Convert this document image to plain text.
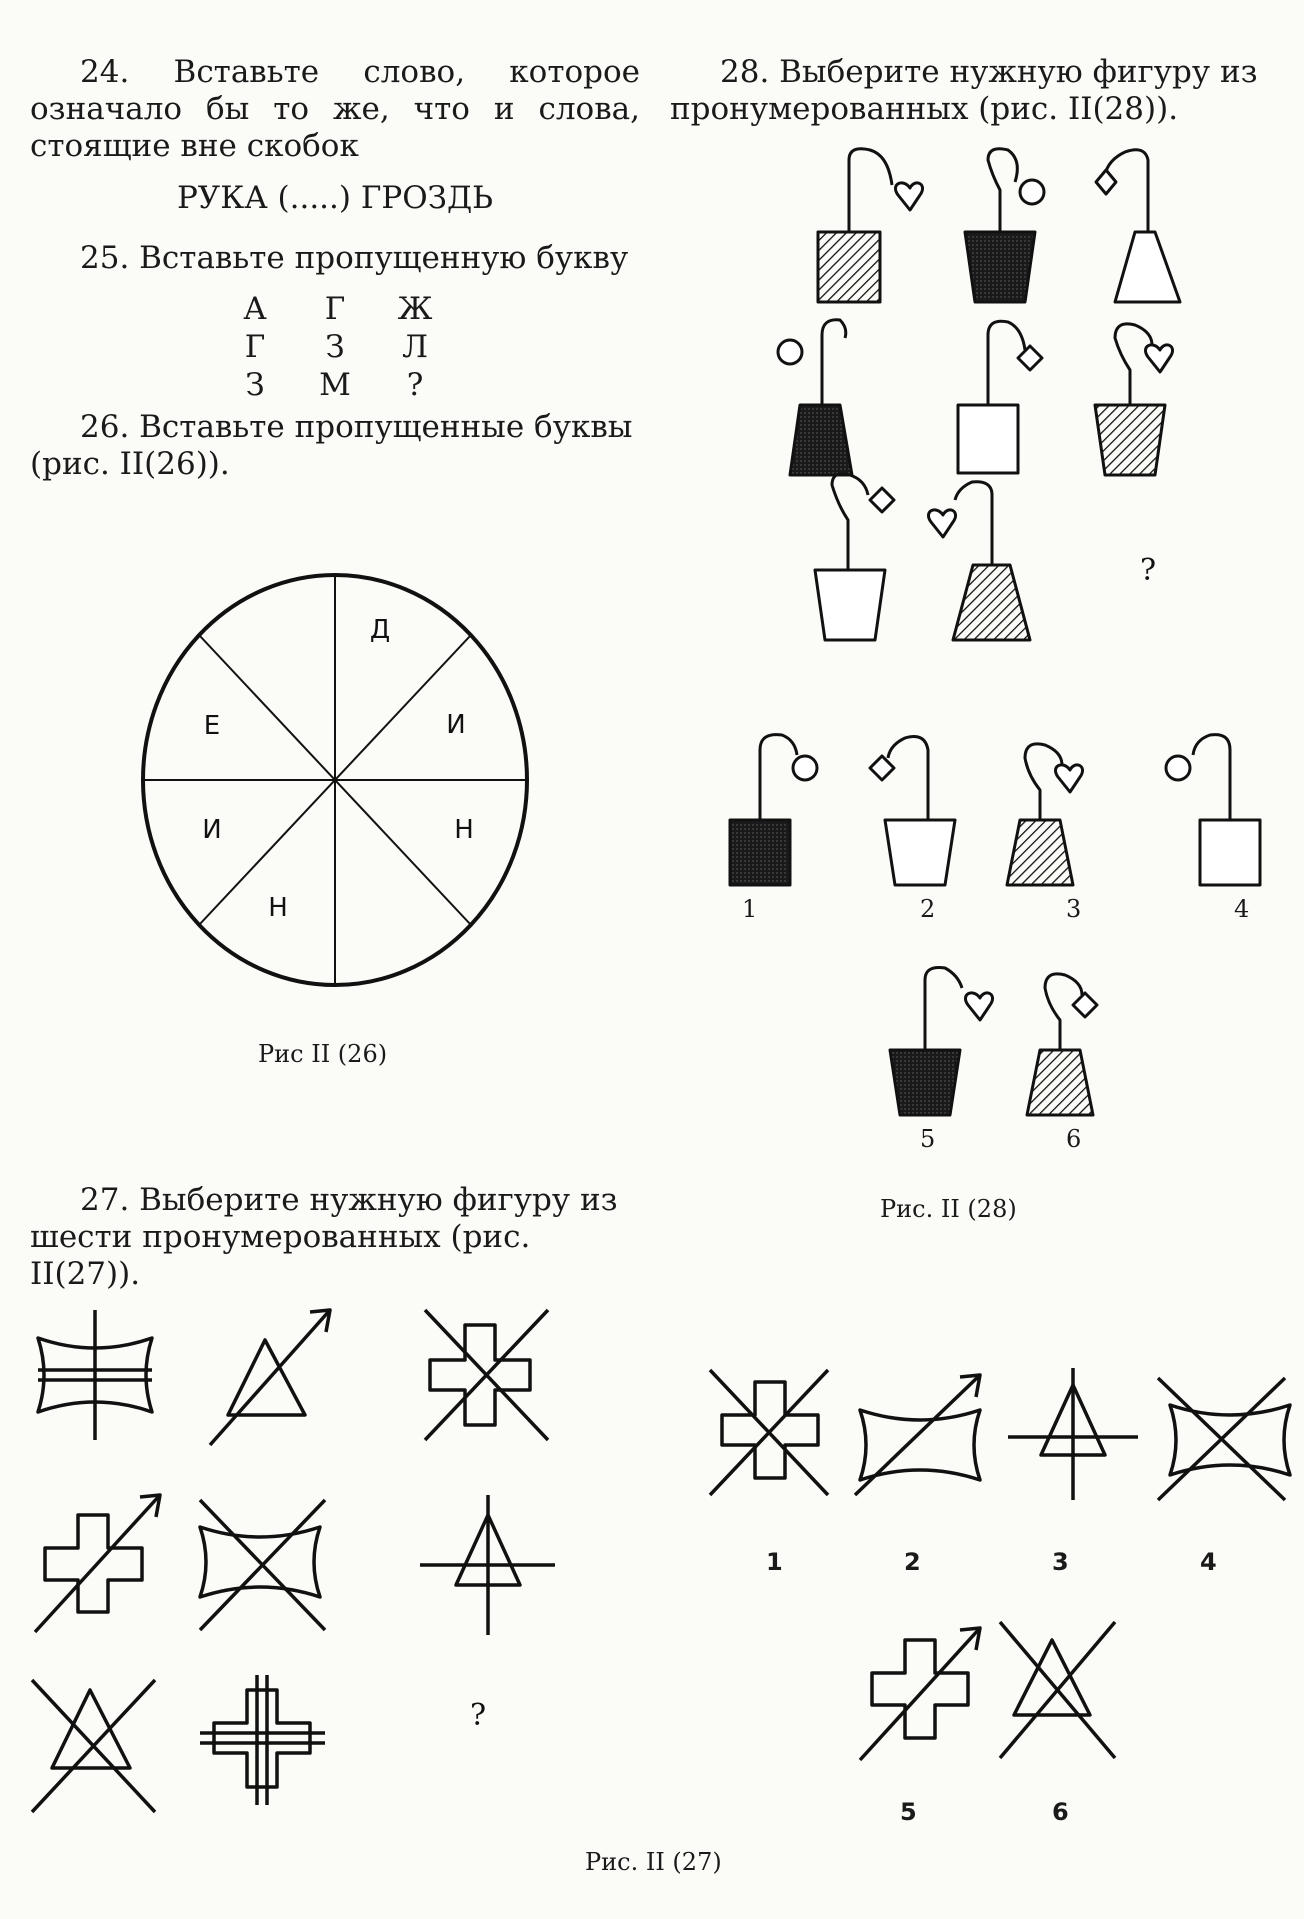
24. Вставьте слово, которое означало бы то же, что и слова, стоящие вне скобок

РУКА (.....) ГРОЗДЬ

25. Вставьте пропущенную букву

А	Г	Ж
Г	З	Л
З	М	?

26. Вставьте пропущенные буквы (рис. II(26)).

Д
И
Н
Н
И
Е
Рис II (26)

27. Выберите нужную фигуру из шести пронумерованных (рис. II(27)).

?
1	2	3	4
5	6
Рис. II (27)

28. Выберите нужную фигуру из пронумерованных (рис. II(28)).

?
1	2	3	4
5	6
Рис. II (28)
